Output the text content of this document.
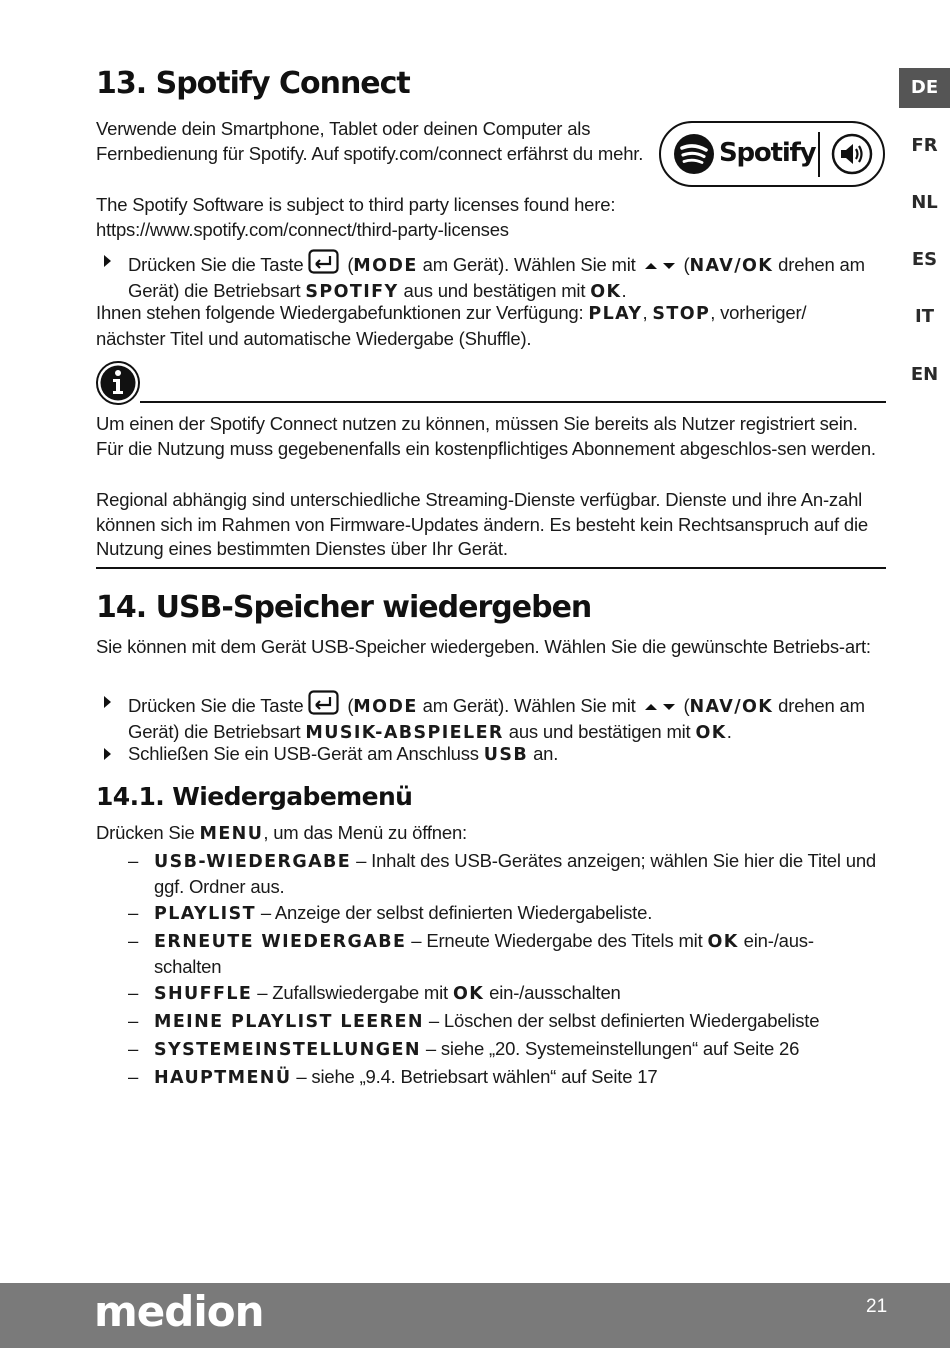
DE
FR
NL
ES
IT
EN
13. Spotify Connect

Verwende dein Smartphone, Tablet oder deinen Computer als Fernbedienung für Spotify. Auf spotify.com/connect erfährst du mehr.	Spotify

The Spotify Software is subject to third party licenses found here: https://www.spotify.com/connect/third-party-licenses

Drücken Sie die Taste (MODE am Gerät). Wählen Sie mit	(NAV/OK drehen am Gerät) die Betriebsart SPOTIFY aus und bestätigen mit OK.

Ihnen stehen folgende Wiedergabefunktionen zur Verfügung: PLAY, STOP, vorheriger/ nächster Titel und automatische Wiedergabe (Shuffle).

Um einen der Spotify Connect nutzen zu können, müssen Sie bereits als Nutzer registriert sein. Für die Nutzung muss gegebenenfalls ein kostenpflichtiges Abonnement abgeschlos-sen werden.

Regional abhängig sind unterschiedliche Streaming-Dienste verfügbar. Dienste und ihre An-zahl können sich im Rahmen von Firmware-Updates ändern. Es besteht kein Rechtsanspruch auf die Nutzung eines bestimmten Dienstes über Ihr Gerät.

14. USB-Speicher wiedergeben

Sie können mit dem Gerät USB-Speicher wiedergeben. Wählen Sie die gewünschte Betriebs-art:

Drücken Sie die Taste (MODE am Gerät). Wählen Sie mit	(NAV/OK drehen am Gerät) die Betriebsart MUSIK-ABSPIELER aus und bestätigen mit OK.
Schließen Sie ein USB-Gerät am Anschluss USB an.
14.1. Wiedergabemenü

Drücken Sie MENU, um das Menü zu öffnen:

– USB-WIEDERGABE – Inhalt des USB-Gerätes anzeigen; wählen Sie hier die Titel und ggf. Ordner aus.
– PLAYLIST – Anzeige der selbst definierten Wiedergabeliste.
– ERNEUTE WIEDERGABE – Erneute Wiedergabe des Titels mit OK ein-/aus-schalten
– SHUFFLE – Zufallswiedergabe mit OK ein-/ausschalten
– MEINE PLAYLIST LEEREN – Löschen der selbst definierten Wiedergabeliste
– SYSTEMEINSTELLUNGEN – siehe „20. Systemeinstellungen“ auf Seite 26
– HAUPTMENÜ – siehe „9.4. Betriebsart wählen“ auf Seite 17
medion	21
